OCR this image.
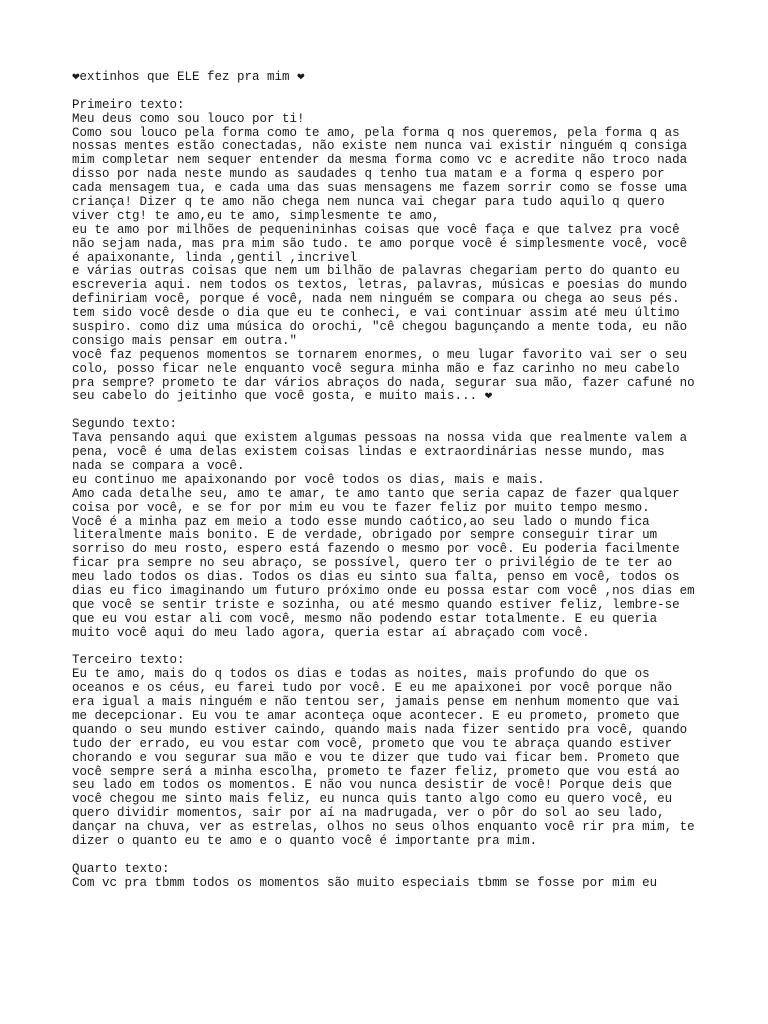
❤extinhos que ELE fez pra mim ❤
Primeiro texto:
Meu deus como sou louco por ti!
Como sou louco pela forma como te amo, pela forma q nos queremos, pela forma q as
nossas mentes estão conectadas, não existe nem nunca vai existir ninguém q consiga
mim completar nem sequer entender da mesma forma como vc e acredite não troco nada
disso por nada neste mundo as saudades q tenho tua matam e a forma q espero por
cada mensagem tua, e cada uma das suas mensagens me fazem sorrir como se fosse uma
criança! Dizer q te amo não chega nem nunca vai chegar para tudo aquilo q quero
viver ctg! te amo,eu te amo, simplesmente te amo,
eu te amo por milhões de pequenininhas coisas que você faça e que talvez pra você
não sejam nada, mas pra mim são tudo. te amo porque você é simplesmente você, você
é apaixonante, linda ,gentil ,incrivel
e várias outras coisas que nem um bilhão de palavras chegariam perto do quanto eu
escreveria aqui. nem todos os textos, letras, palavras, músicas e poesias do mundo
definiriam você, porque é você, nada nem ninguém se compara ou chega ao seus pés.
tem sido você desde o dia que eu te conheci, e vai continuar assim até meu último
suspiro. como diz uma música do orochi, "cê chegou bagunçando a mente toda, eu não
consigo mais pensar em outra."
você faz pequenos momentos se tornarem enormes, o meu lugar favorito vai ser o seu
colo, posso ficar nele enquanto você segura minha mão e faz carinho no meu cabelo
pra sempre? prometo te dar vários abraços do nada, segurar sua mão, fazer cafuné no
seu cabelo do jeitinho que você gosta, e muito mais... ❤
Segundo texto:
Tava pensando aqui que existem algumas pessoas na nossa vida que realmente valem a
pena, você é uma delas existem coisas lindas e extraordinárias nesse mundo, mas
nada se compara a você.
eu continuo me apaixonando por você todos os dias, mais e mais.
Amo cada detalhe seu, amo te amar, te amo tanto que seria capaz de fazer qualquer
coisa por você, e se for por mim eu vou te fazer feliz por muito tempo mesmo.
Você é a minha paz em meio a todo esse mundo caótico,ao seu lado o mundo fica
literalmente mais bonito. E de verdade, obrigado por sempre conseguir tirar um
sorriso do meu rosto, espero está fazendo o mesmo por você. Eu poderia facilmente
ficar pra sempre no seu abraço, se possível, quero ter o privilégio de te ter ao
meu lado todos os dias. Todos os dias eu sinto sua falta, penso em você, todos os
dias eu fico imaginando um futuro próximo onde eu possa estar com você ,nos dias em
que você se sentir triste e sozinha, ou até mesmo quando estiver feliz, lembre-se
que eu vou estar ali com você, mesmo não podendo estar totalmente. E eu queria
muito você aqui do meu lado agora, queria estar aí abraçado com você.
Terceiro texto:
Eu te amo, mais do q todos os dias e todas as noites, mais profundo do que os
oceanos e os céus, eu farei tudo por você. E eu me apaixonei por você porque não
era igual a mais ninguém e não tentou ser, jamais pense em nenhum momento que vai
me decepcionar. Eu vou te amar aconteça oque acontecer. E eu prometo, prometo que
quando o seu mundo estiver caindo, quando mais nada fizer sentido pra você, quando
tudo der errado, eu vou estar com você, prometo que vou te abraça quando estiver
chorando e vou segurar sua mão e vou te dizer que tudo vai ficar bem. Prometo que
você sempre será a minha escolha, prometo te fazer feliz, prometo que vou está ao
seu lado em todos os momentos. E não vou nunca desistir de você! Porque deis que
você chegou me sinto mais feliz, eu nunca quis tanto algo como eu quero você, eu
quero dividir momentos, sair por aí na madrugada, ver o pôr do sol ao seu lado,
dançar na chuva, ver as estrelas, olhos no seus olhos enquanto você rir pra mim, te
dizer o quanto eu te amo e o quanto você é importante pra mim.
Quarto texto:
Com vc pra tbmm todos os momentos são muito especiais tbmm se fosse por mim eu
